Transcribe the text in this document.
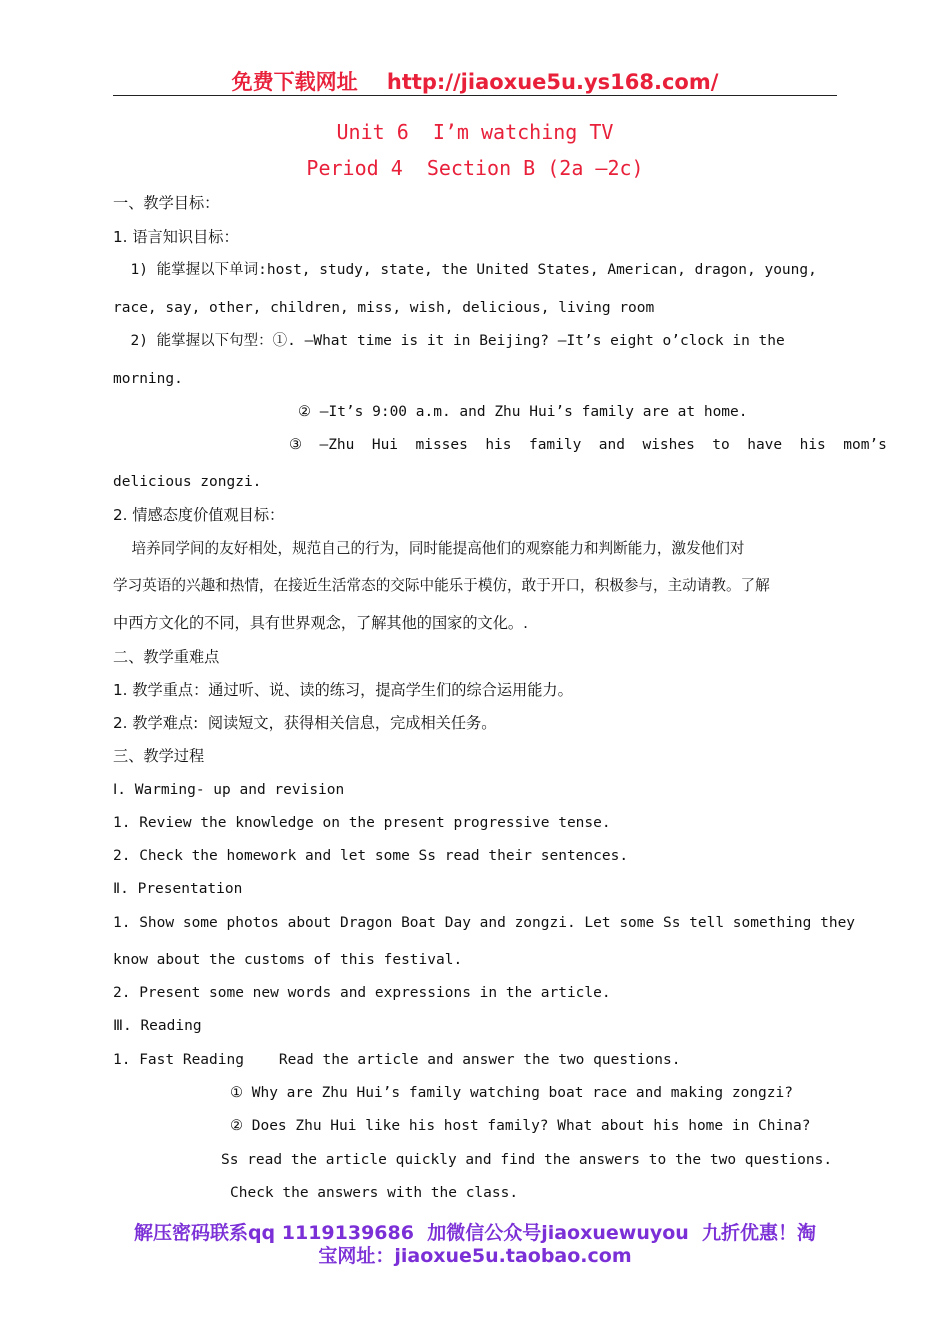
免费下载网址 http://jiaoxue5u.ys168.com/
Unit 6  I’m watching TV
Period 4  Section B (2a –2c)

一、教学目标：

1. 语言知识目标：

1) 能掌握以下单词:host, study, state, the United States, American, dragon, young,

race, say, other, children, miss, wish, delicious, living room

2) 能掌握以下句型：①. —What time is it in Beijing? —It’s eight o’clock in the

morning.

② —It’s 9:00 a.m. and Zhu Hui’s family are at home.

③  —Zhu  Hui  misses  his  family  and  wishes  to  have  his  mom’s

delicious zongzi.

2. 情感态度价值观目标：

培养同学间的友好相处，规范自己的行为，同时能提高他们的观察能力和判断能力，激发他们对

学习英语的兴趣和热情，在接近生活常态的交际中能乐于模仿，敢于开口，积极参与，主动请教。了解

中西方文化的不同，具有世界观念，了解其他的国家的文化。.

二、教学重难点

1. 教学重点：通过听、说、读的练习，提高学生们的综合运用能力。

2. 教学难点:  阅读短文，获得相关信息，完成相关任务。

三、教学过程

Ⅰ. Warming- up and revision

1. Review the knowledge on the present progressive tense.

2. Check the homework and let some Ss read their sentences.

Ⅱ. Presentation

1. Show some photos about Dragon Boat Day and zongzi. Let some Ss tell something they

know about the customs of this festival.

2. Present some new words and expressions in the article.

Ⅲ. Reading

1. Fast Reading    Read the article and answer the two questions.

① Why are Zhu Hui’s family watching boat race and making zongzi?

② Does Zhu Hui like his host family? What about his home in China?

Ss read the article quickly and find the answers to the two questions.

Check the answers with the class.

解压密码联系qq 1119139686  加微信公众号jiaoxuewuyou  九折优惠！淘
宝网址：jiaoxue5u.taobao.com
